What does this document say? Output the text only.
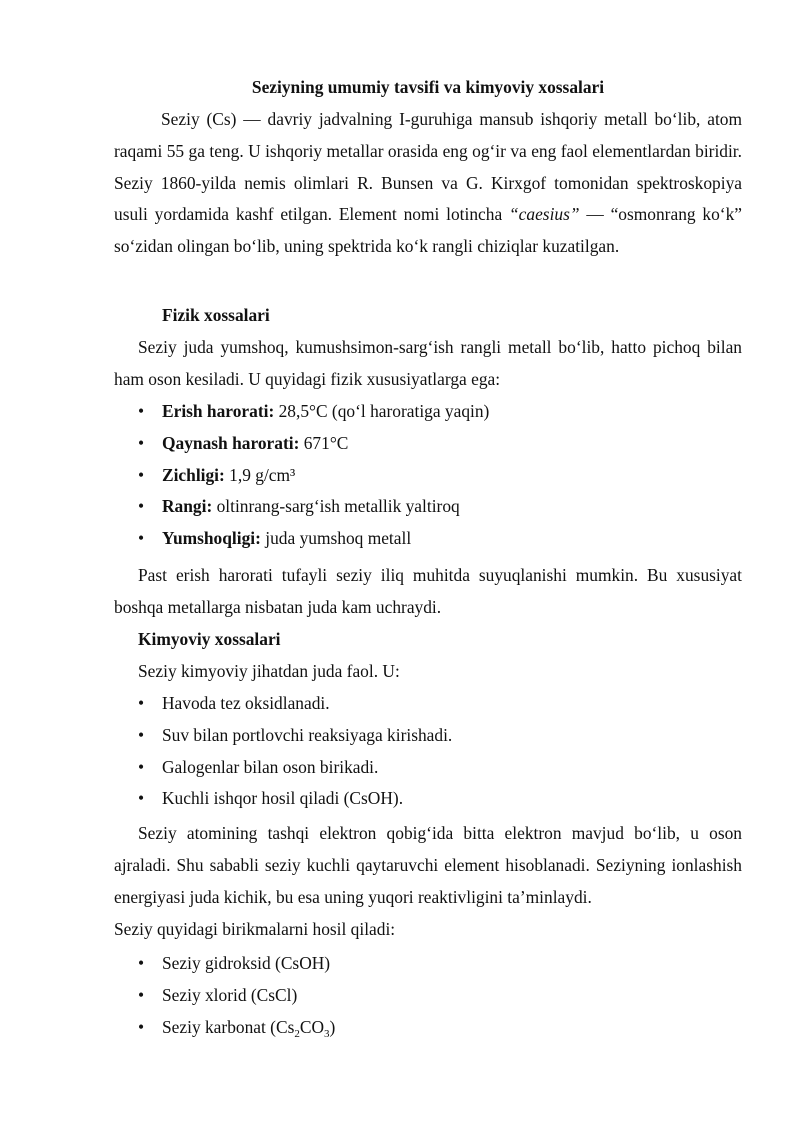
Seziyning umumiy tavsifi va kimyoviy xossalari
Seziy (Cs) — davriy jadvalning I-guruhiga mansub ishqoriy metall bo‘lib, atom raqami 55 ga teng. U ishqoriy metallar orasida eng og‘ir va eng faol elementlardan biridir. Seziy 1860-yilda nemis olimlari R. Bunsen va G. Kirxgof tomonidan spektroskopiya usuli yordamida kashf etilgan. Element nomi lotincha “caesius” — “osmonrang ko‘k” so‘zidan olingan bo‘lib, uning spektrida ko‘k rangli chiziqlar kuzatilgan.
Fizik xossalari
Seziy juda yumshoq, kumushsimon-sarg‘ish rangli metall bo‘lib, hatto pichoq bilan ham oson kesiladi. U quyidagi fizik xususiyatlarga ega:
• Erish harorati: 28,5°C (qo‘l haroratiga yaqin)
• Qaynash harorati: 671°C
• Zichligi: 1,9 g/cm³
• Rangi: oltinrang-sarg‘ish metallik yaltiroq
• Yumshoqligi: juda yumshoq metall
Past erish harorati tufayli seziy iliq muhitda suyuqlanishi mumkin. Bu xususiyat boshqa metallarga nisbatan juda kam uchraydi.
Kimyoviy xossalari
Seziy kimyoviy jihatdan juda faol. U:
• Havoda tez oksidlanadi.
• Suv bilan portlovchi reaksiyaga kirishadi.
• Galogenlar bilan oson birikadi.
• Kuchli ishqor hosil qiladi (CsOH).
Seziy atomining tashqi elektron qobig‘ida bitta elektron mavjud bo‘lib, u oson ajraladi. Shu sababli seziy kuchli qaytaruvchi element hisoblanadi. Seziyning ionlashish energiyasi juda kichik, bu esa uning yuqori reaktivligini ta’minlaydi.
Seziy quyidagi birikmalarni hosil qiladi:
• Seziy gidroksid (CsOH)
• Seziy xlorid (CsCl)
• Seziy karbonat $(Cs_2CO_3)$
